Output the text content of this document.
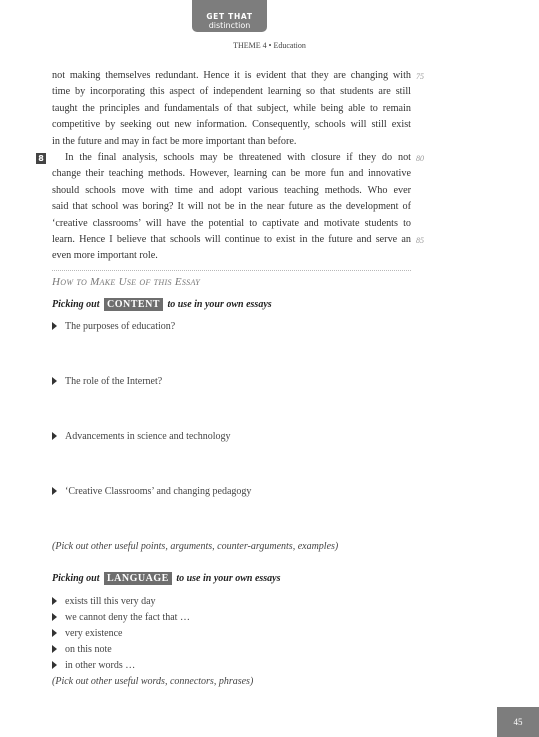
GET THAT
distinction
THEME 4 • Education
not making themselves redundant. Hence it is evident that they are changing with
time by incorporating this aspect of independent learning so that students are still
taught the principles and fundamentals of that subject, while being able to remain
competitive by seeking out new information. Consequently, schools will still exist
in the future and may in fact be more important than before.
8	In the final analysis, schools may be threatened with closure if they do not
change their teaching methods. However, learning can be more fun and innovative
should schools move with time and adopt various teaching methods. Who ever
said that school was boring? It will not be in the near future as the development of
‘creative classrooms’ will have the potential to captivate and motivate students to
learn. Hence I believe that schools will continue to exist in the future and serve an
even more important role.
75
80
85
How to Make Use of this Essay
Picking out CONTENT to use in your own essays
The purposes of education?
The role of the Internet?
Advancements in science and technology
‘Creative Classrooms’ and changing pedagogy
(Pick out other useful points, arguments, counter-arguments, examples)
Picking out LANGUAGE to use in your own essays
exists till this very day
we cannot deny the fact that …
very existence
on this note
in other words …
(Pick out other useful words, connectors, phrases)
45
